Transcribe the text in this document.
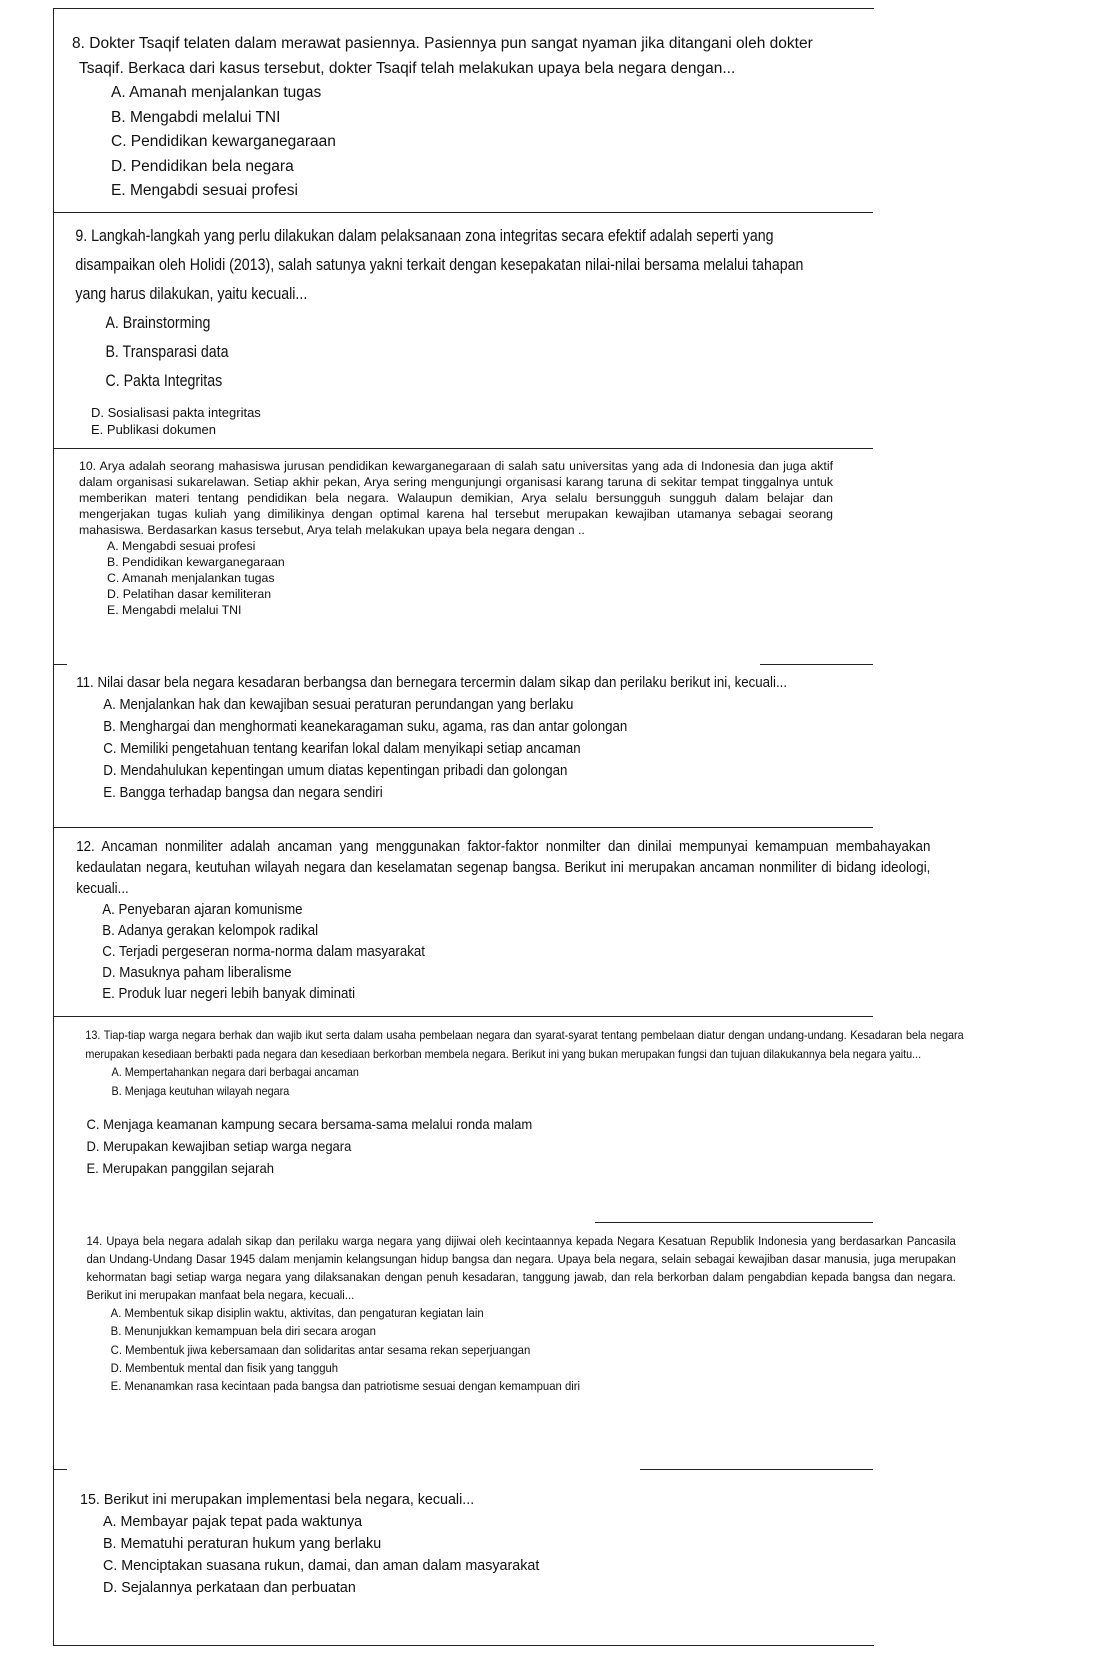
8. Dokter Tsaqif telaten dalam merawat pasiennya. Pasiennya pun sangat nyaman jika ditangani oleh dokter Tsaqif. Berkaca dari kasus tersebut, dokter Tsaqif telah melakukan upaya bela negara dengan...

A. Amanah menjalankan tugas
B. Mengabdi melalui TNI
C. Pendidikan kewarganegaraan
D. Pendidikan bela negara
E. Mengabdi sesuai profesi

9. Langkah-langkah yang perlu dilakukan dalam pelaksanaan zona integritas secara efektif adalah seperti yang disampaikan oleh Holidi (2013), salah satunya yakni terkait dengan kesepakatan nilai-nilai bersama melalui tahapan yang harus dilakukan, yaitu kecuali...

A. Brainstorming
B. Transparasi data
C. Pakta Integritas
D. Sosialisasi pakta integritas
E. Publikasi dokumen

10. Arya adalah seorang mahasiswa jurusan pendidikan kewarganegaraan di salah satu universitas yang ada di Indonesia dan juga aktif dalam organisasi sukarelawan. Setiap akhir pekan, Arya sering mengunjungi organisasi karang taruna di sekitar tempat tinggalnya untuk memberikan materi tentang pendidikan bela negara. Walaupun demikian, Arya selalu bersungguh sungguh dalam belajar dan mengerjakan tugas kuliah yang dimilikinya dengan optimal karena hal tersebut merupakan kewajiban utamanya sebagai seorang mahasiswa. Berdasarkan kasus tersebut, Arya telah melakukan upaya bela negara dengan ..

A. Mengabdi sesuai profesi
B. Pendidikan kewarganegaraan
C. Amanah menjalankan tugas
D. Pelatihan dasar kemiliteran
E. Mengabdi melalui TNI

11. Nilai dasar bela negara kesadaran berbangsa dan bernegara tercermin dalam sikap dan perilaku berikut ini, kecuali...

A. Menjalankan hak dan kewajiban sesuai peraturan perundangan yang berlaku
B. Menghargai dan menghormati keanekaragaman suku, agama, ras dan antar golongan
C. Memiliki pengetahuan tentang kearifan lokal dalam menyikapi setiap ancaman
D. Mendahulukan kepentingan umum diatas kepentingan pribadi dan golongan
E. Bangga terhadap bangsa dan negara sendiri

12. Ancaman nonmiliter adalah ancaman yang menggunakan faktor-faktor nonmilter dan dinilai mempunyai kemampuan membahayakan kedaulatan negara, keutuhan wilayah negara dan keselamatan segenap bangsa. Berikut ini merupakan ancaman nonmiliter di bidang ideologi, kecuali...

A. Penyebaran ajaran komunisme
B. Adanya gerakan kelompok radikal
C. Terjadi pergeseran norma-norma dalam masyarakat
D. Masuknya paham liberalisme
E. Produk luar negeri lebih banyak diminati

13. Tiap-tiap warga negara berhak dan wajib ikut serta dalam usaha pembelaan negara dan syarat-syarat tentang pembelaan diatur dengan undang-undang. Kesadaran bela negara merupakan kesediaan berbakti pada negara dan kesediaan berkorban membela negara. Berikut ini yang bukan merupakan fungsi dan tujuan dilakukannya bela negara yaitu...

A. Mempertahankan negara dari berbagai ancaman
B. Menjaga keutuhan wilayah negara
C. Menjaga keamanan kampung secara bersama-sama melalui ronda malam
D. Merupakan kewajiban setiap warga negara
E. Merupakan panggilan sejarah

14. Upaya bela negara adalah sikap dan perilaku warga negara yang dijiwai oleh kecintaannya kepada Negara Kesatuan Republik Indonesia yang berdasarkan Pancasila dan Undang-Undang Dasar 1945 dalam menjamin kelangsungan hidup bangsa dan negara. Upaya bela negara, selain sebagai kewajiban dasar manusia, juga merupakan kehormatan bagi setiap warga negara yang dilaksanakan dengan penuh kesadaran, tanggung jawab, dan rela berkorban dalam pengabdian kepada bangsa dan negara. Berikut ini merupakan manfaat bela negara, kecuali...

A. Membentuk sikap disiplin waktu, aktivitas, dan pengaturan kegiatan lain
B. Menunjukkan kemampuan bela diri secara arogan
C. Membentuk jiwa kebersamaan dan solidaritas antar sesama rekan seperjuangan
D. Membentuk mental dan fisik yang tangguh
E. Menanamkan rasa kecintaan pada bangsa dan patriotisme sesuai dengan kemampuan diri

15. Berikut ini merupakan implementasi bela negara, kecuali...

A. Membayar pajak tepat pada waktunya
B. Mematuhi peraturan hukum yang berlaku
C. Menciptakan suasana rukun, damai, dan aman dalam masyarakat
D. Sejalannya perkataan dan perbuatan
